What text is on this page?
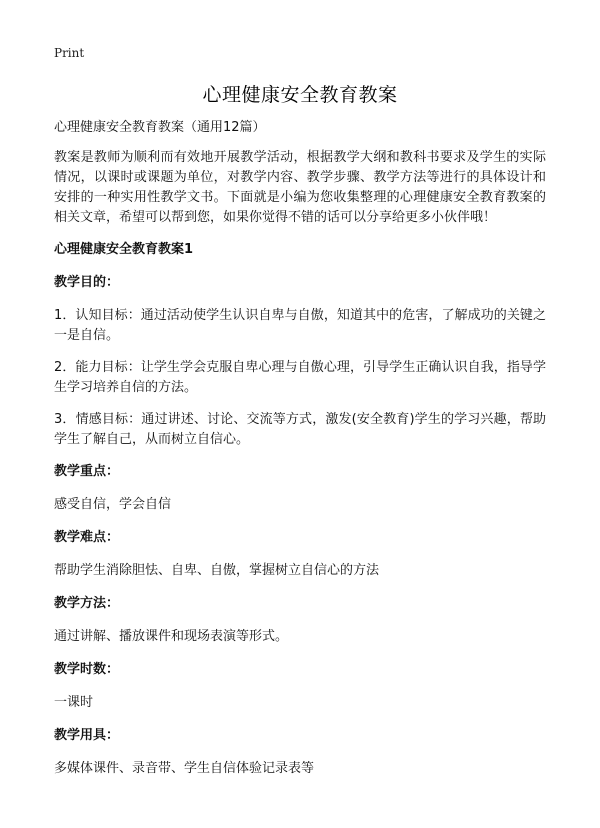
Print
心理健康安全教育教案

心理健康安全教育教案（通用12篇）

教案是教师为顺利而有效地开展教学活动，根据教学大纲和教科书要求及学生的实际情况，以课时或课题为单位，对教学内容、教学步骤、教学方法等进行的具体设计和安排的一种实用性教学文书。下面就是小编为您收集整理的心理健康安全教育教案的相关文章，希望可以帮到您，如果你觉得不错的话可以分享给更多小伙伴哦！

心理健康安全教育教案1

教学目的：

1．认知目标：通过活动使学生认识自卑与自傲，知道其中的危害，了解成功的关键之一是自信。

2．能力目标：让学生学会克服自卑心理与自傲心理，引导学生正确认识自我，指导学生学习培养自信的方法。

3．情感目标：通过讲述、讨论、交流等方式，激发(安全教育)学生的学习兴趣，帮助学生了解自己，从而树立自信心。

教学重点：

感受自信，学会自信

教学难点：

帮助学生消除胆怯、自卑、自傲，掌握树立自信心的方法

教学方法：

通过讲解、播放课件和现场表演等形式。

教学时数：

一课时

教学用具：

多媒体课件、录音带、学生自信体验记录表等
